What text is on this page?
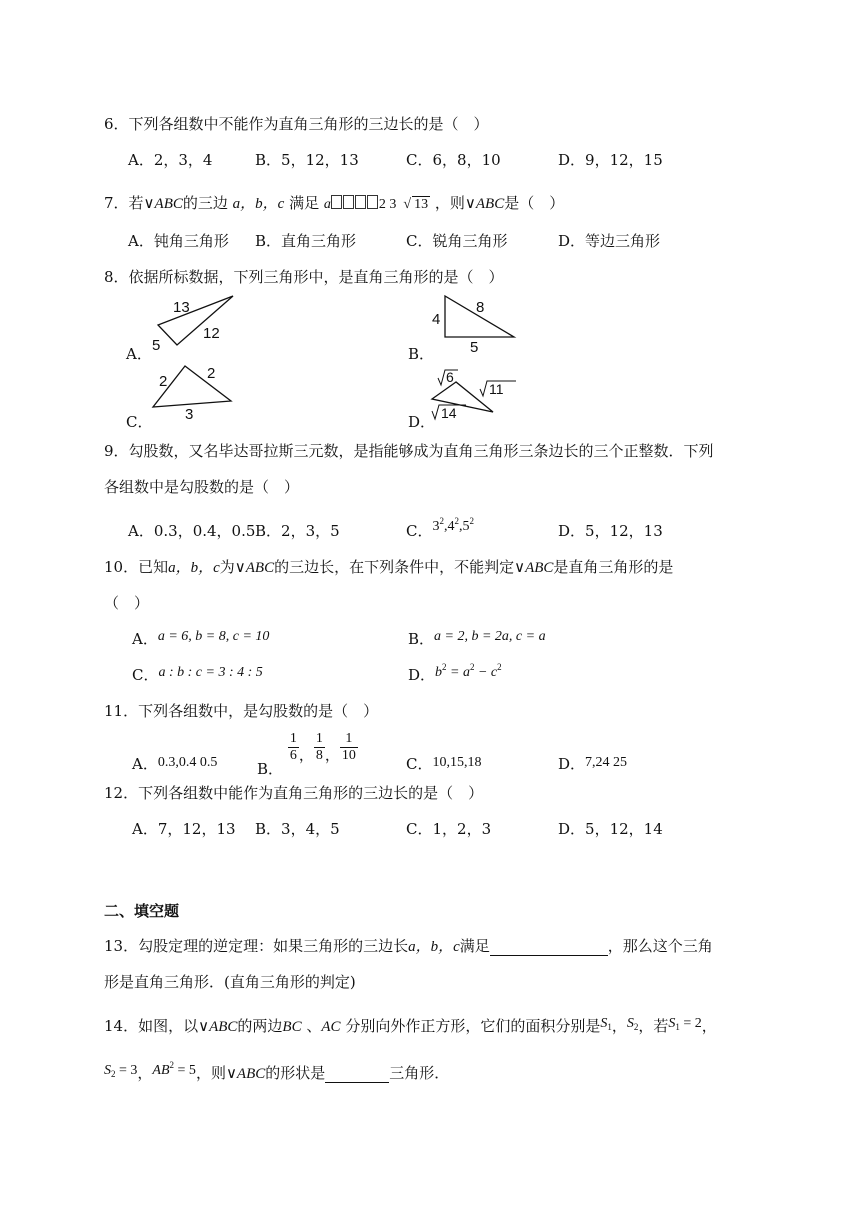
6．下列各组数中不能作为直角三角形的三边长的是（　）
A．2，3，4	B．5，12，13	C．6，8，10	D．9，12，15
7．若∨ABC的三边 a，b，c 满足 a	2 3  √ 13 ，则∨ABC是（　）
A．钝角三角形 B．直角三角形	C．锐角三角形	D．等边三角形
8．依据所标数据，下列三角形中，是直角三角形的是（　）
A．
13
12
5	B．
4
8
5
C．
2	2
3	D．
6
11
14
9．勾股数，又名毕达哥拉斯三元数，是指能够成为直角三角形三条边长的三个正整数．下列
各组数中是勾股数的是（　）
A．0.3，0.4，0.5 B．2，3，5	C．$3^2,4^2,5^2$
D．5，12，13
10．已知a，b，c为∨ABC的三边长，在下列条件中，不能判定∨ABC是直角三角形的是
（　）
A．a = 6, b = 8, c = 10	B．a = 2, b = 2a, c = a
C．a : b : c = 3 : 4 : 5	D．$b^2 = a^2 - c^2$
11．下列各组数中，是勾股数的是（　）
A．0.3,0.4 0.5	B．
$\frac{1}{6}$ ， $\frac{1}{8}$ ， $\frac{1}{10}$	C．10,15,18	D．7,24 25
12．下列各组数中能作为直角三角形的三边长的是（　）
A．7，12，13 B．3，4，5	C．1，2，3	D．5，12，14
二、填空题
13．勾股定理的逆定理：如果三角形的三边长a，b，c满足	，那么这个三角
形是直角三角形．(直角三角形的判定)
14．如图，以∨ABC的两边BC 、AC 分别向外作正方形，它们的面积分别是$S_1$，$S_2$，若$S_1 = 2$，
$S_2 = 3$，$AB^2 = 5$，则∨ABC的形状是	三角形．
